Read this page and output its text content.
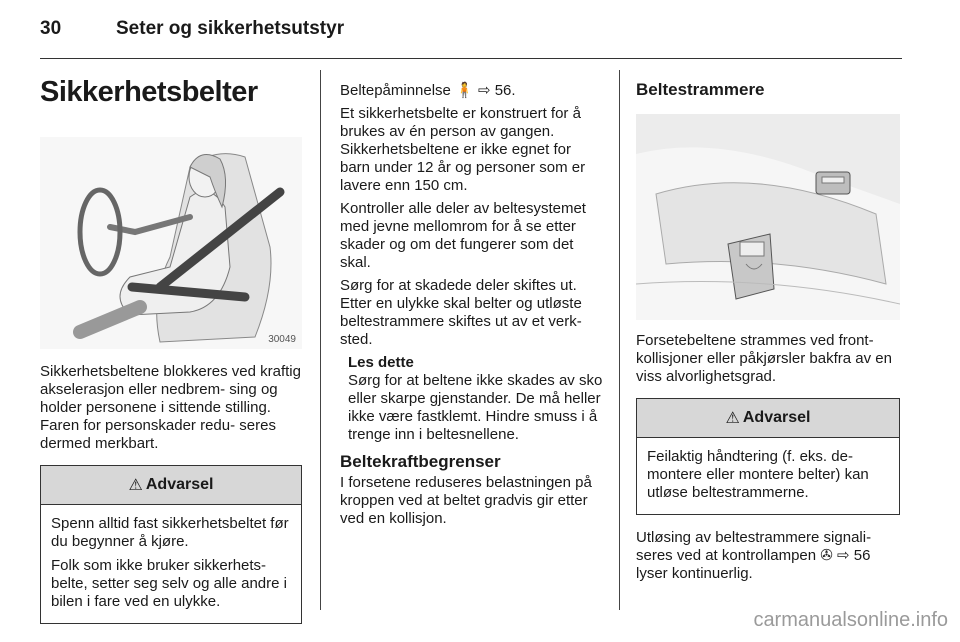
30	Seter og sikkerhetsutstyr
Sikkerhetsbelter
30049

Sikkerhetsbeltene blokkeres ved kraftig akselerasjon eller nedbrem- sing og holder personene i sittende stilling. Faren for personskader redu- seres dermed merkbart.

⚠ Advarsel

Spenn alltid fast sikkerhetsbeltet før du begynner å kjøre.

Folk som ikke bruker sikkerhets- belte, setter seg selv og alle andre i bilen i fare ved en ulykke.

Beltepåminnelse 🧍 ⇨ 56.

Et sikkerhetsbelte er konstruert for å brukes av én person av gangen. Sikkerhetsbeltene er ikke egnet for barn under 12 år og personer som er lavere enn 150 cm.

Kontroller alle deler av beltesystemet med jevne mellomrom for å se etter skader og om det fungerer som det skal.

Sørg for at skadede deler skiftes ut. Etter en ulykke skal belter og utløste beltestrammere skiftes ut av et verk- sted.

Les dette

Sørg for at beltene ikke skades av sko eller skarpe gjenstander. De må heller ikke være fastklemt. Hindre smuss i å trenge inn i beltesnellene.

Beltekraftbegrenser

I forsetene reduseres belastningen på kroppen ved at beltet gradvis gir etter ved en kollisjon.

Beltestrammere

Forsetebeltene strammes ved front- kollisjoner eller påkjørsler bakfra av en viss alvorlighetsgrad.

⚠ Advarsel

Feilaktig håndtering (f. eks. de- montere eller montere belter) kan utløse beltestrammerne.

Utløsing av beltestrammere signali- seres ved at kontrollampen ✇ ⇨ 56 lyser kontinuerlig.

carmanualsonline.info
